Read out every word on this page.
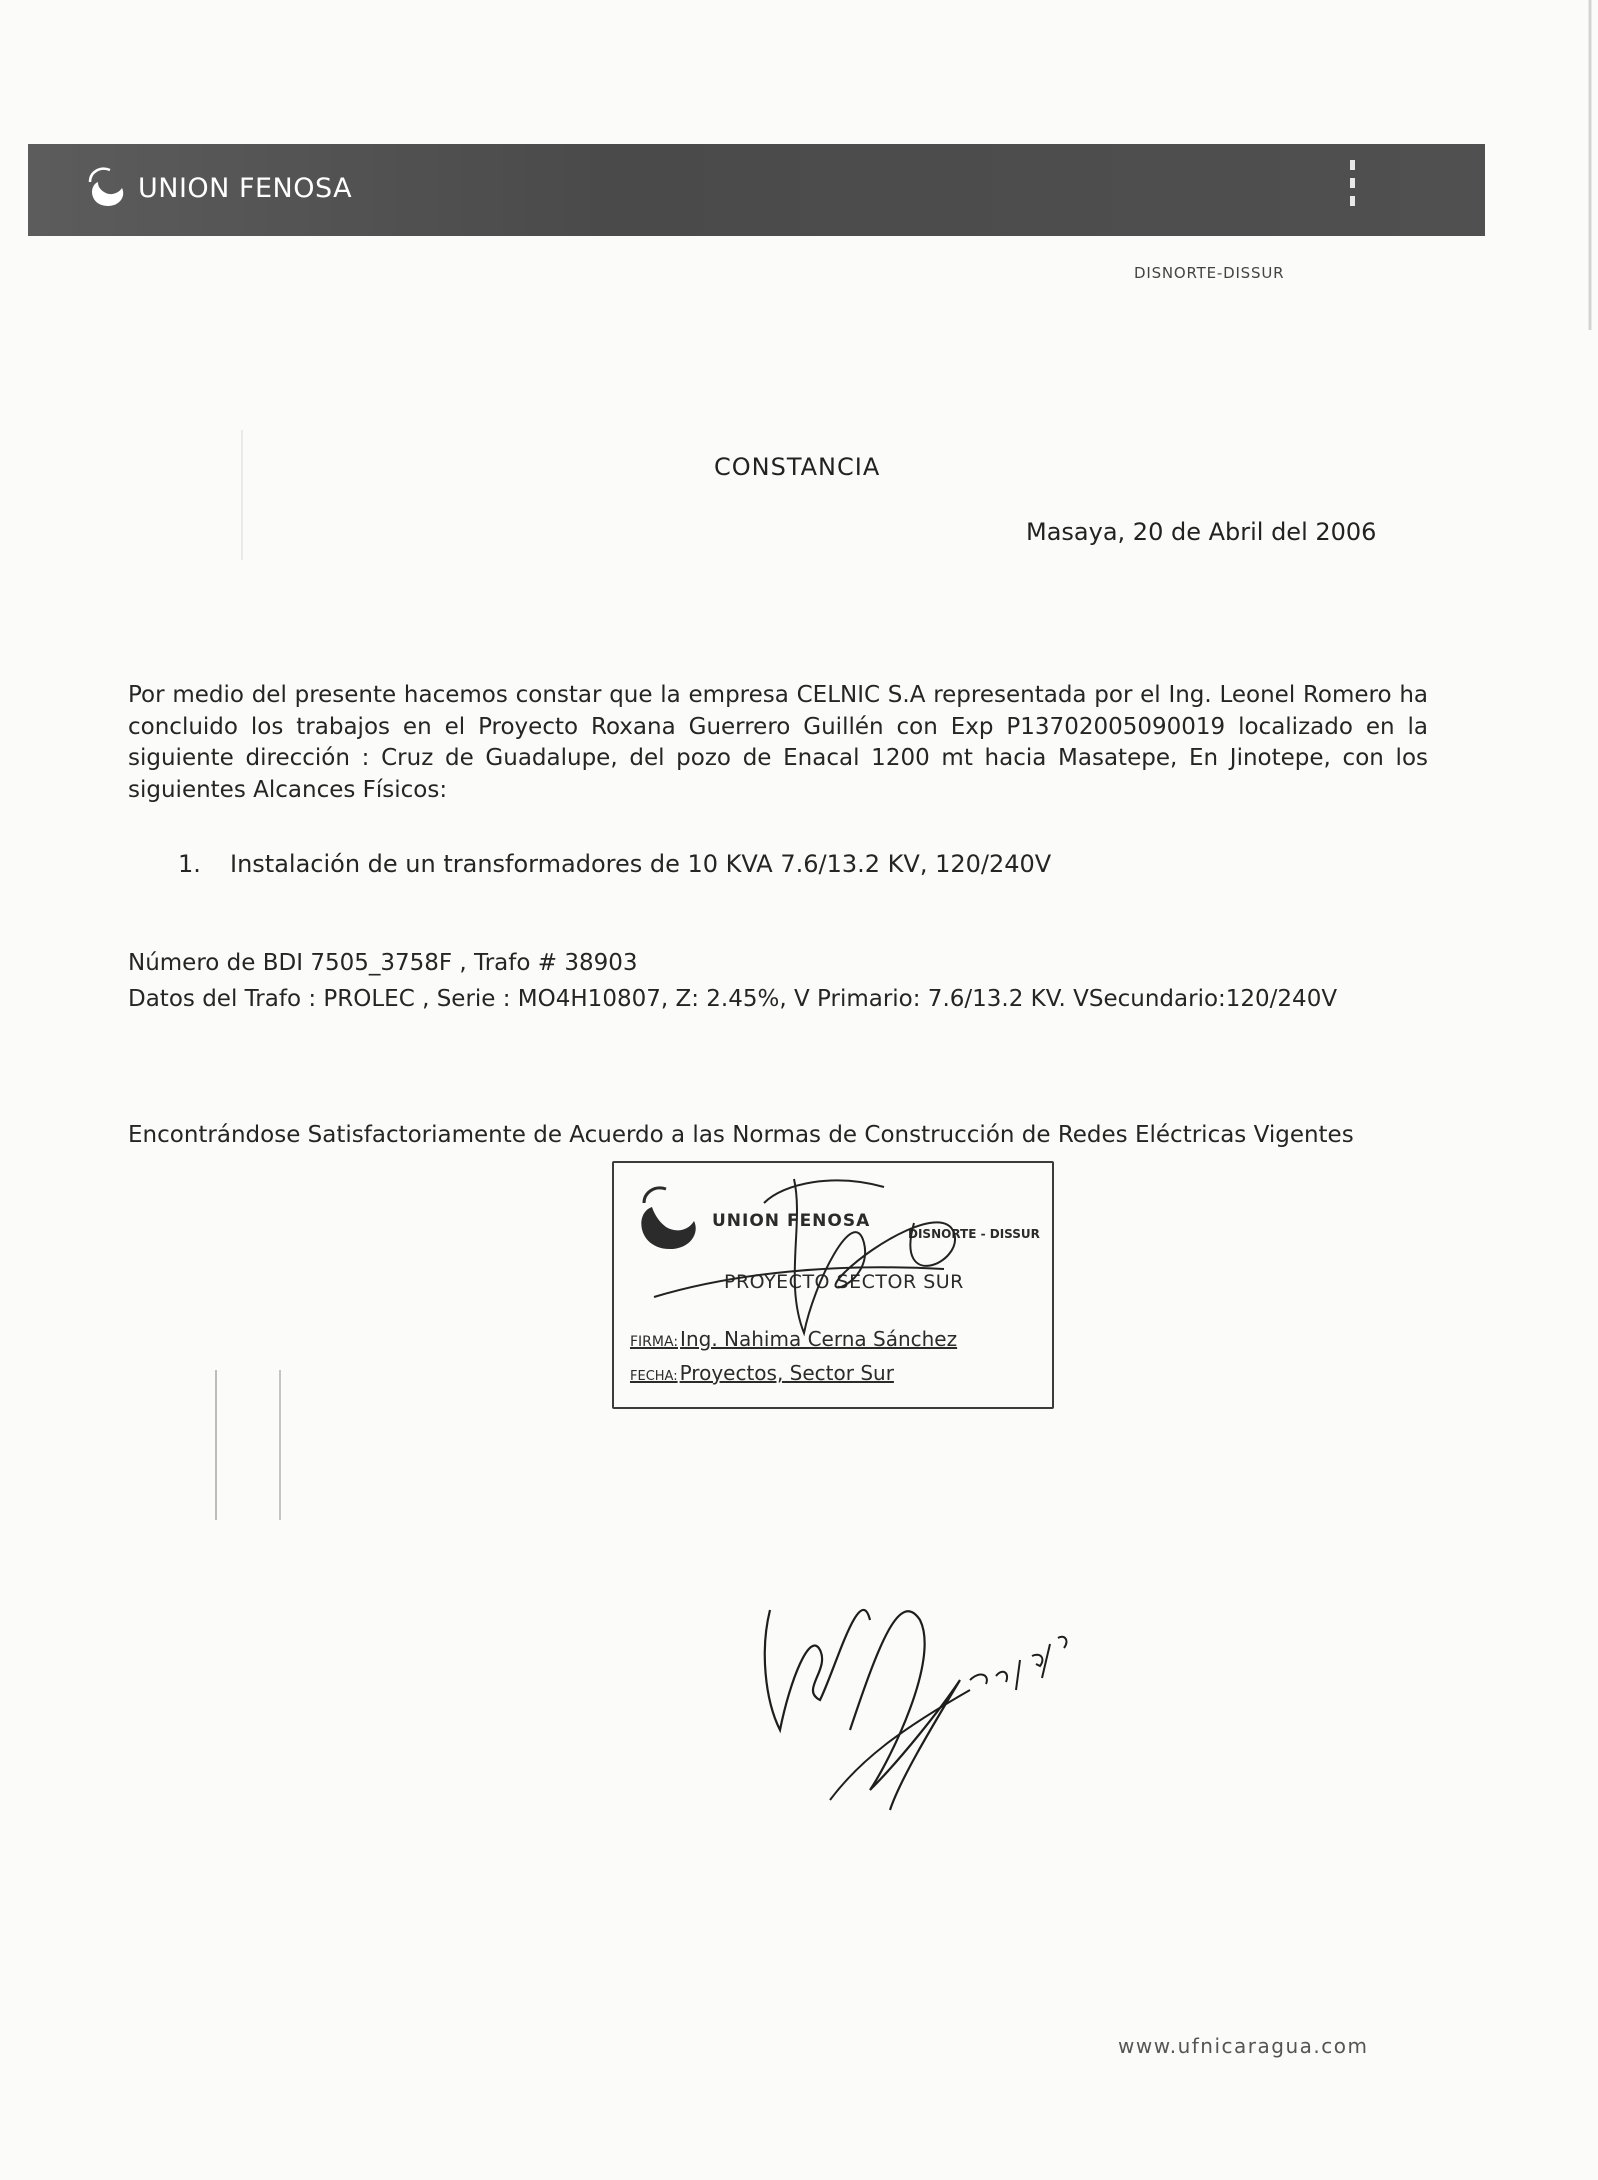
UNION FENOSA
DISNORTE-DISSUR
CONSTANCIA
Masaya, 20 de Abril del 2006

Por medio del presente hacemos constar que la empresa CELNIC S.A representada por el Ing. Leonel Romero ha concluido los trabajos en el Proyecto Roxana Guerrero Guillén con Exp P13702005090019 localizado en la siguiente dirección : Cruz de Guadalupe, del pozo de Enacal 1200 mt hacia Masatepe, En Jinotepe, con los siguientes Alcances Físicos:

1. Instalación de un transformadores de 10 KVA 7.6/13.2 KV, 120/240V
Número de BDI 7505_3758F , Trafo # 38903
Datos del Trafo : PROLEC , Serie : MO4H10807, Z: 2.45%, V Primario: 7.6/13.2 KV. VSecundario:120/240V
Encontrándose Satisfactoriamente de Acuerdo a las Normas de Construcción de Redes Eléctricas Vigentes
UNION FENOSA
DISNORTE - DISSUR
PROYECTO SECTOR SUR
FIRMA: Ing. Nahima Cerna Sánchez
FECHA: Proyectos, Sector Sur
www.ufnicaragua.com
